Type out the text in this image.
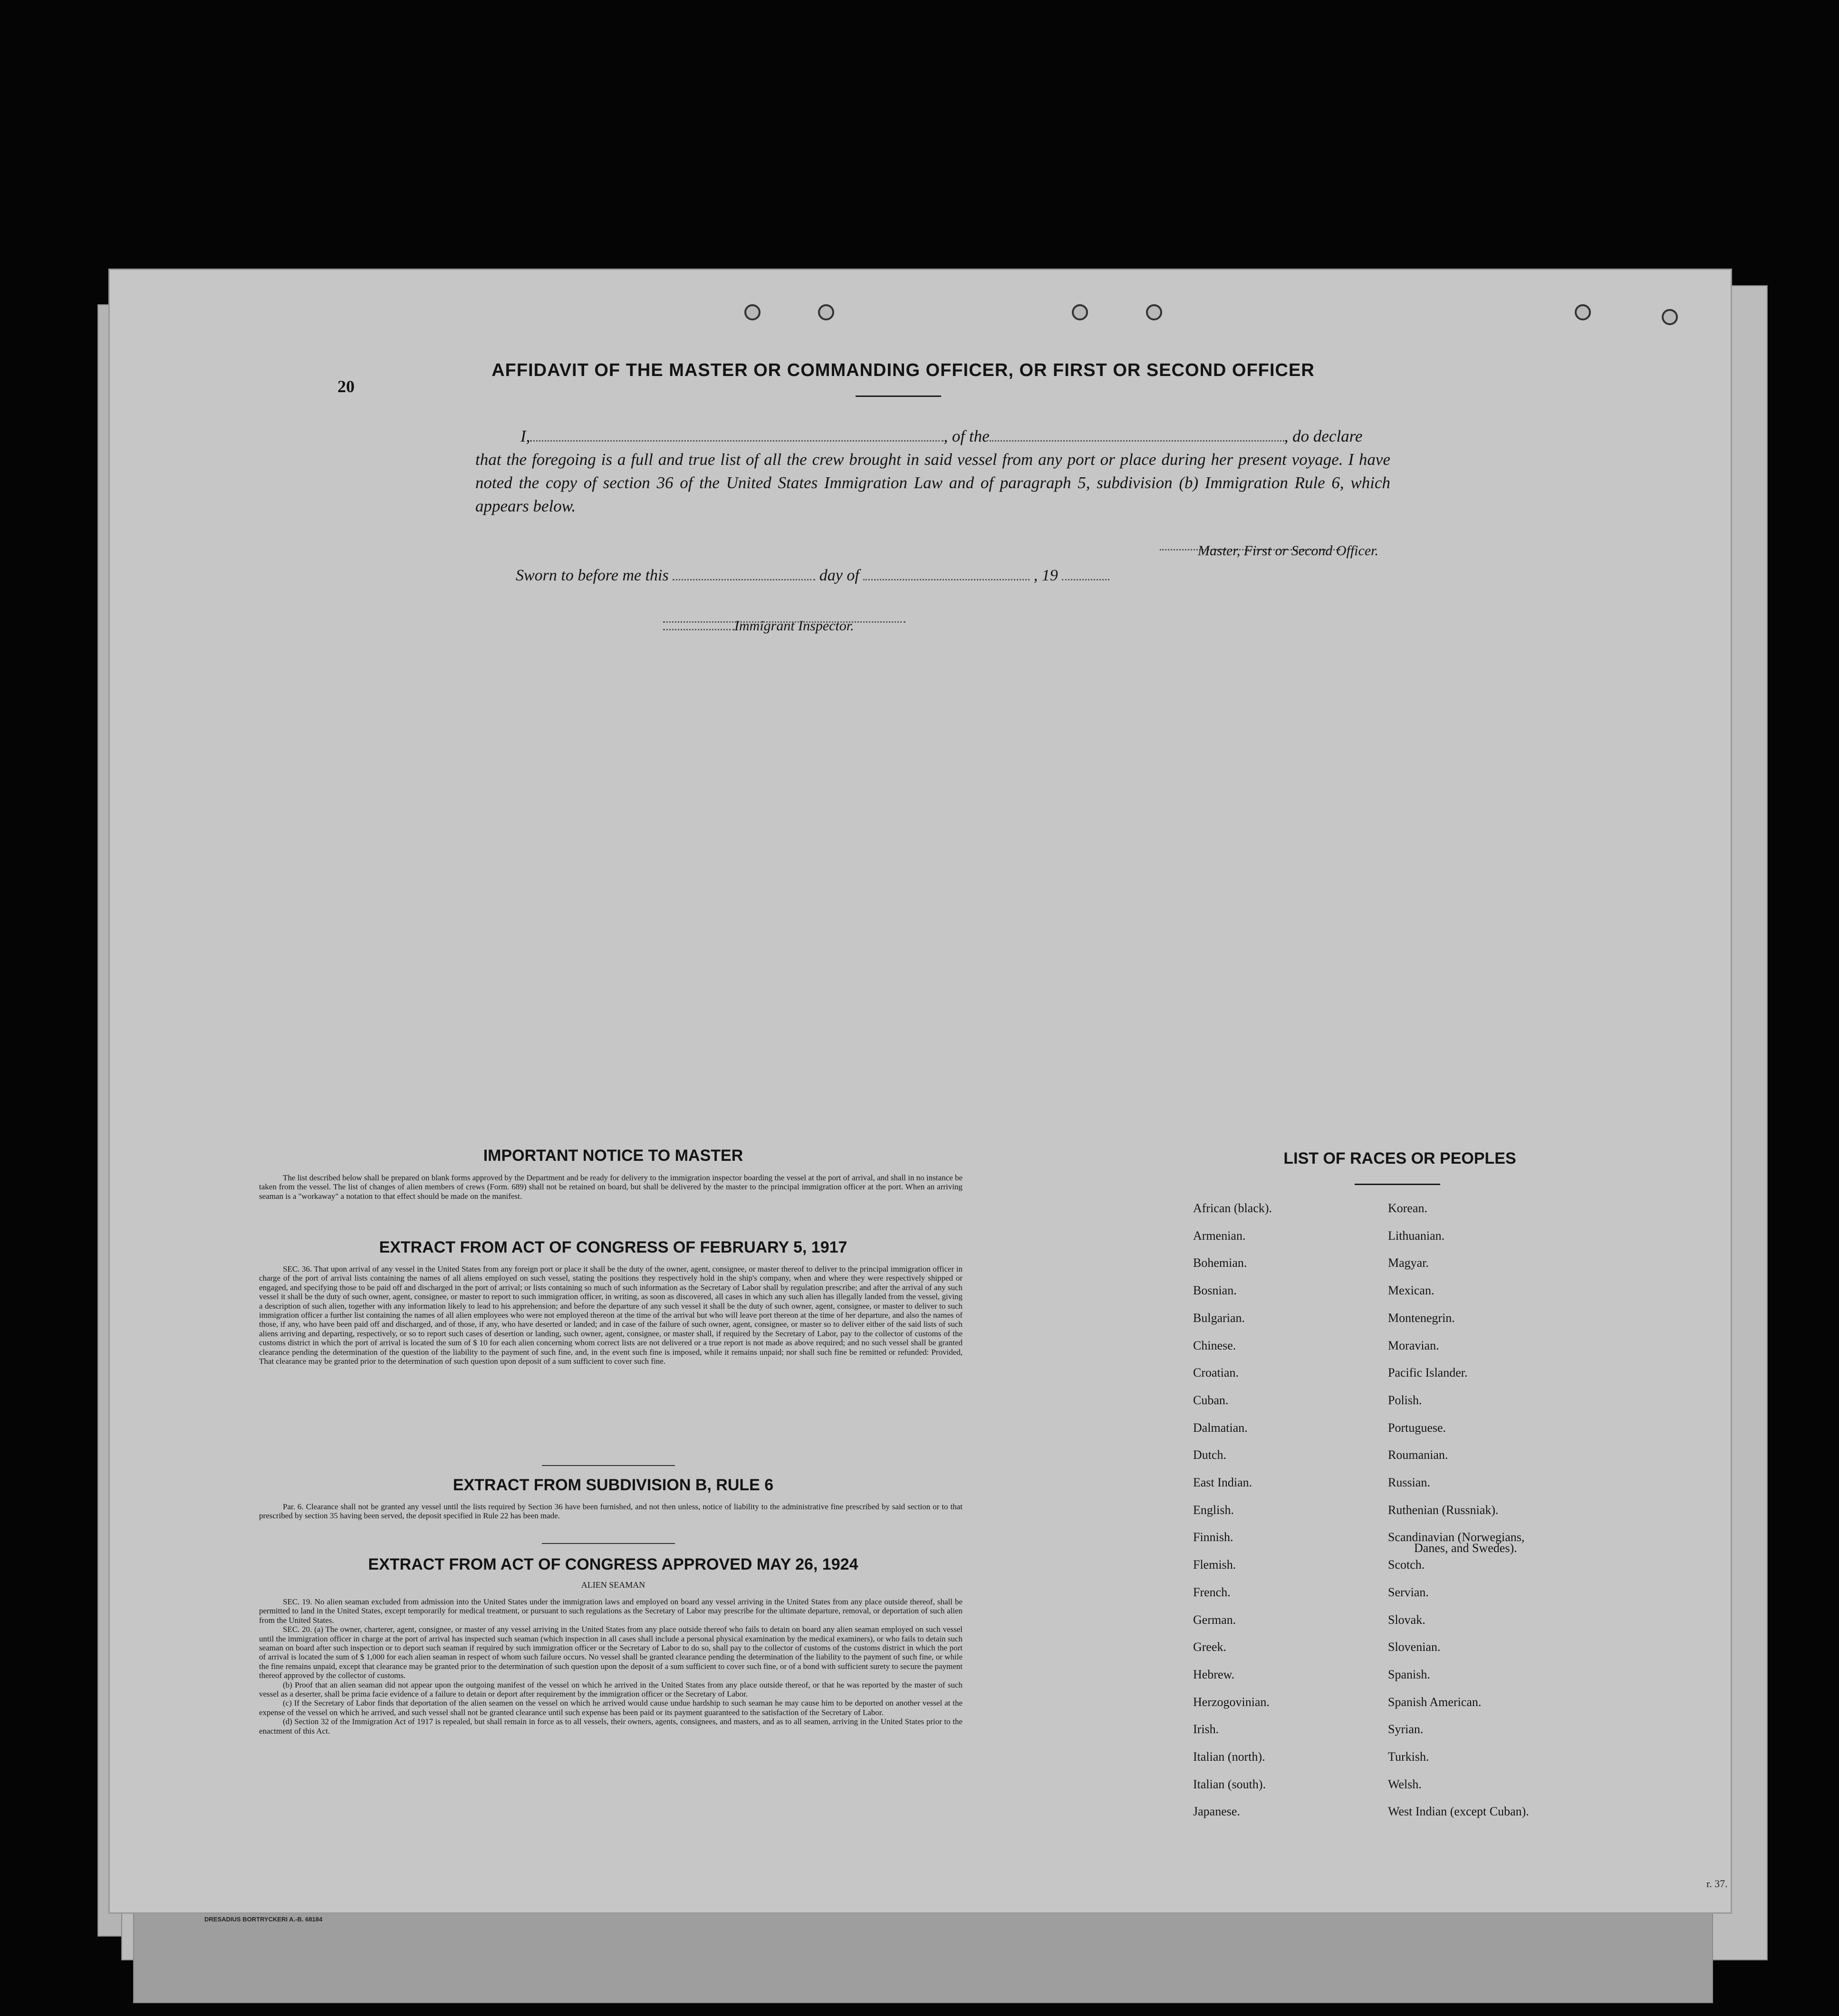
20
AFFIDAVIT OF THE MASTER OR COMMANDING OFFICER, OR FIRST OR SECOND OFFICER
I,	, of the	, do declare
that the foregoing is a full and true list of all the crew brought in said vessel from any port or place during her present voyage. I have noted the copy of section 36 of the United States Immigration Law and of paragraph 5, subdivision (b) Immigration Rule 6, which appears below.
Master, First or Second Officer.
Sworn to before me this	day of	, 19
Immigrant Inspector.
IMPORTANT NOTICE TO MASTER
The list described below shall be prepared on blank forms approved by the Department and be ready for delivery to the immigration inspector boarding the vessel at the port of arrival, and shall in no instance be taken from the vessel. The list of changes of alien members of crews (Form. 689) shall not be retained on board, but shall be delivered by the master to the principal immigration officer at the port. When an arriving seaman is a "workaway" a notation to that effect should be made on the manifest.
EXTRACT FROM ACT OF CONGRESS OF FEBRUARY 5, 1917
SEC. 36. That upon arrival of any vessel in the United States from any foreign port or place it shall be the duty of the owner, agent, consignee, or master thereof to deliver to the principal immigration officer in charge of the port of arrival lists containing the names of all aliens employed on such vessel, stating the positions they respectively hold in the ship's company, when and where they were respectively shipped or engaged, and specifying those to be paid off and discharged in the port of arrival; or lists containing so much of such information as the Secretary of Labor shall by regulation prescribe; and after the arrival of any such vessel it shall be the duty of such owner, agent, consignee, or master to report to such immigration officer, in writing, as soon as discovered, all cases in which any such alien has illegally landed from the vessel, giving a description of such alien, together with any information likely to lead to his apprehension; and before the departure of any such vessel it shall be the duty of such owner, agent, consignee, or master to deliver to such immigration officer a further list containing the names of all alien employees who were not employed thereon at the time of the arrival but who will leave port thereon at the time of her departure, and also the names of those, if any, who have been paid off and discharged, and of those, if any, who have deserted or landed; and in case of the failure of such owner, agent, consignee, or master so to deliver either of the said lists of such aliens arriving and departing, respectively, or so to report such cases of desertion or landing, such owner, agent, consignee, or master shall, if required by the Secretary of Labor, pay to the collector of customs of the customs district in which the port of arrival is located the sum of $ 10 for each alien concerning whom correct lists are not delivered or a true report is not made as above required; and no such vessel shall be granted clearance pending the determination of the question of the liability to the payment of such fine, and, in the event such fine is imposed, while it remains unpaid; nor shall such fine be remitted or refunded: Provided, That clearance may be granted prior to the determination of such question upon deposit of a sum sufficient to cover such fine.
EXTRACT FROM SUBDIVISION B, RULE 6
Par. 6. Clearance shall not be granted any vessel until the lists required by Section 36 have been furnished, and not then unless, notice of liability to the administrative fine prescribed by said section or to that prescribed by section 35 having been served, the deposit specified in Rule 22 has been made.
EXTRACT FROM ACT OF CONGRESS APPROVED MAY 26, 1924
ALIEN SEAMAN
SEC. 19. No alien seaman excluded from admission into the United States under the immigration laws and employed on board any vessel arriving in the United States from any place outside thereof, shall be permitted to land in the United States, except temporarily for medical treatment, or pursuant to such regulations as the Secretary of Labor may prescribe for the ultimate departure, removal, or deportation of such alien from the United States.
SEC. 20. (a) The owner, charterer, agent, consignee, or master of any vessel arriving in the United States from any place outside thereof who fails to detain on board any alien seaman employed on such vessel until the immigration officer in charge at the port of arrival has inspected such seaman (which inspection in all cases shall include a personal physical examination by the medical examiners), or who fails to detain such seaman on board after such inspection or to deport such seaman if required by such immigration officer or the Secretary of Labor to do so, shall pay to the collector of customs of the customs district in which the port of arrival is located the sum of $ 1,000 for each alien seaman in respect of whom such failure occurs. No vessel shall be granted clearance pending the determination of the liability to the payment of such fine, or while the fine remains unpaid, except that clearance may be granted prior to the determination of such question upon the deposit of a sum sufficient to cover such fine, or of a bond with sufficient surety to secure the payment thereof approved by the collector of customs.
(b) Proof that an alien seaman did not appear upon the outgoing manifest of the vessel on which he arrived in the United States from any place outside thereof, or that he was reported by the master of such vessel as a deserter, shall be prima facie evidence of a failure to detain or deport after requirement by the immigration officer or the Secretary of Labor.
(c) If the Secretary of Labor finds that deportation of the alien seamen on the vessel on which he arrived would cause undue hardship to such seaman he may cause him to be deported on another vessel at the expense of the vessel on which he arrived, and such vessel shall not be granted clearance until such expense has been paid or its payment guaranteed to the satisfaction of the Secretary of Labor.
(d) Section 32 of the Immigration Act of 1917 is repealed, but shall remain in force as to all vessels, their owners, agents, consignees, and masters, and as to all seamen, arriving in the United States prior to the enactment of this Act.
LIST OF RACES OR PEOPLES
African (black).
Armenian.
Bohemian.
Bosnian.
Bulgarian.
Chinese.
Croatian.
Cuban.
Dalmatian.
Dutch.
East Indian.
English.
Finnish.
Flemish.
French.
German.
Greek.
Hebrew.
Herzogovinian.
Irish.
Italian (north).
Italian (south).
Japanese.
Korean.
Lithuanian.
Magyar.
Mexican.
Montenegrin.
Moravian.
Pacific Islander.
Polish.
Portuguese.
Roumanian.
Russian.
Ruthenian (Russniak).
Scandinavian (Norwegians,
Scotch.
Servian.
Slovak.
Slovenian.
Spanish.
Spanish American.
Syrian.
Turkish.
Welsh.
West Indian (except Cuban).
Danes, and Swedes).
DRESADIUS BORTRYCKERI A.-B. 68184
r. 37.
